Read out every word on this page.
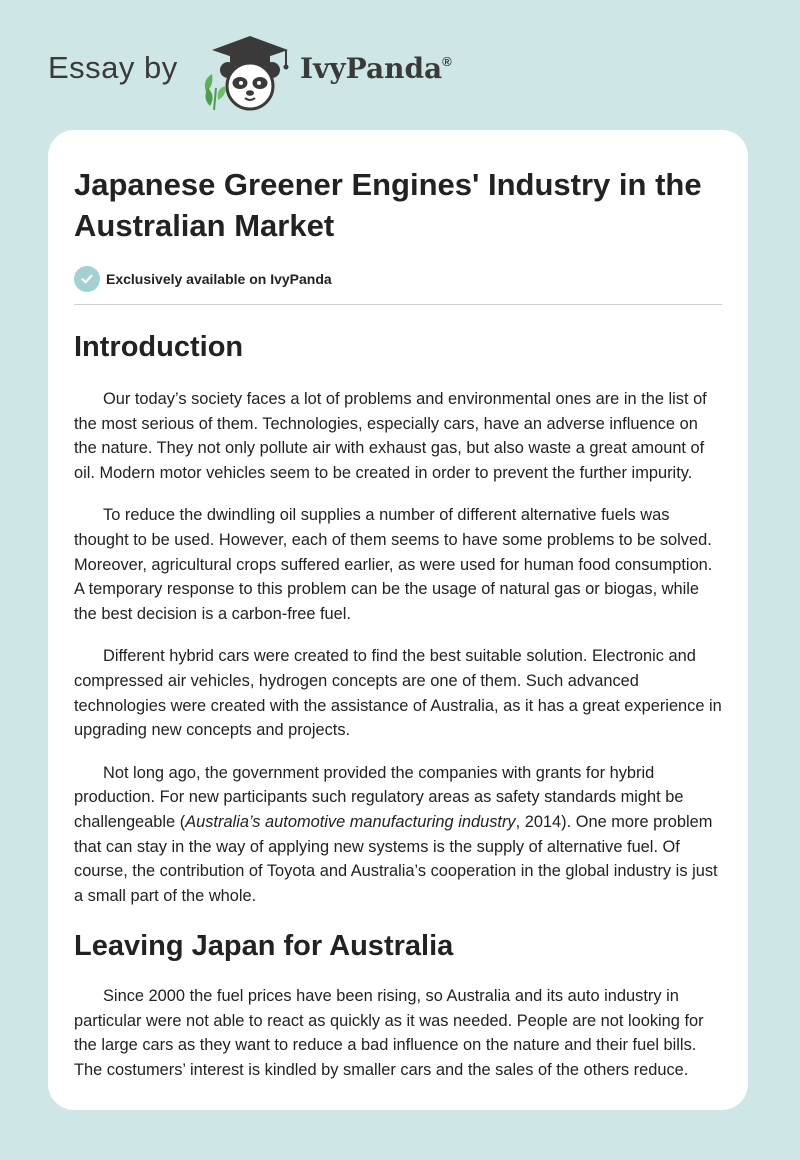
Essay by	IvyPanda®
Japanese Greener Engines' Industry in the Australian Market
Exclusively available on IvyPanda
Introduction

Our today’s society faces a lot of problems and environmental ones are in the list of the most serious of them. Technologies, especially cars, have an adverse influence on the nature. They not only pollute air with exhaust gas, but also waste a great amount of oil. Modern motor vehicles seem to be created in order to prevent the further impurity.

To reduce the dwindling oil supplies a number of different alternative fuels was thought to be used. However, each of them seems to have some problems to be solved. Moreover, agricultural crops suffered earlier, as were used for human food consumption. A temporary response to this problem can be the usage of natural gas or biogas, while the best decision is a carbon-free fuel.

Different hybrid cars were created to find the best suitable solution. Electronic and compressed air vehicles, hydrogen concepts are one of them. Such advanced technologies were created with the assistance of Australia, as it has a great experience in upgrading new concepts and projects.

Not long ago, the government provided the companies with grants for hybrid production. For new participants such regulatory areas as safety standards might be challengeable (Australia’s automotive manufacturing industry, 2014). One more problem that can stay in the way of applying new systems is the supply of alternative fuel. Of course, the contribution of Toyota and Australia’s cooperation in the global industry is just a small part of the whole.

Leaving Japan for Australia

Since 2000 the fuel prices have been rising, so Australia and its auto industry in particular were not able to react as quickly as it was needed. People are not looking for the large cars as they want to reduce a bad influence on the nature and their fuel bills. The costumers’ interest is kindled by smaller cars and the sales of the others reduce.
